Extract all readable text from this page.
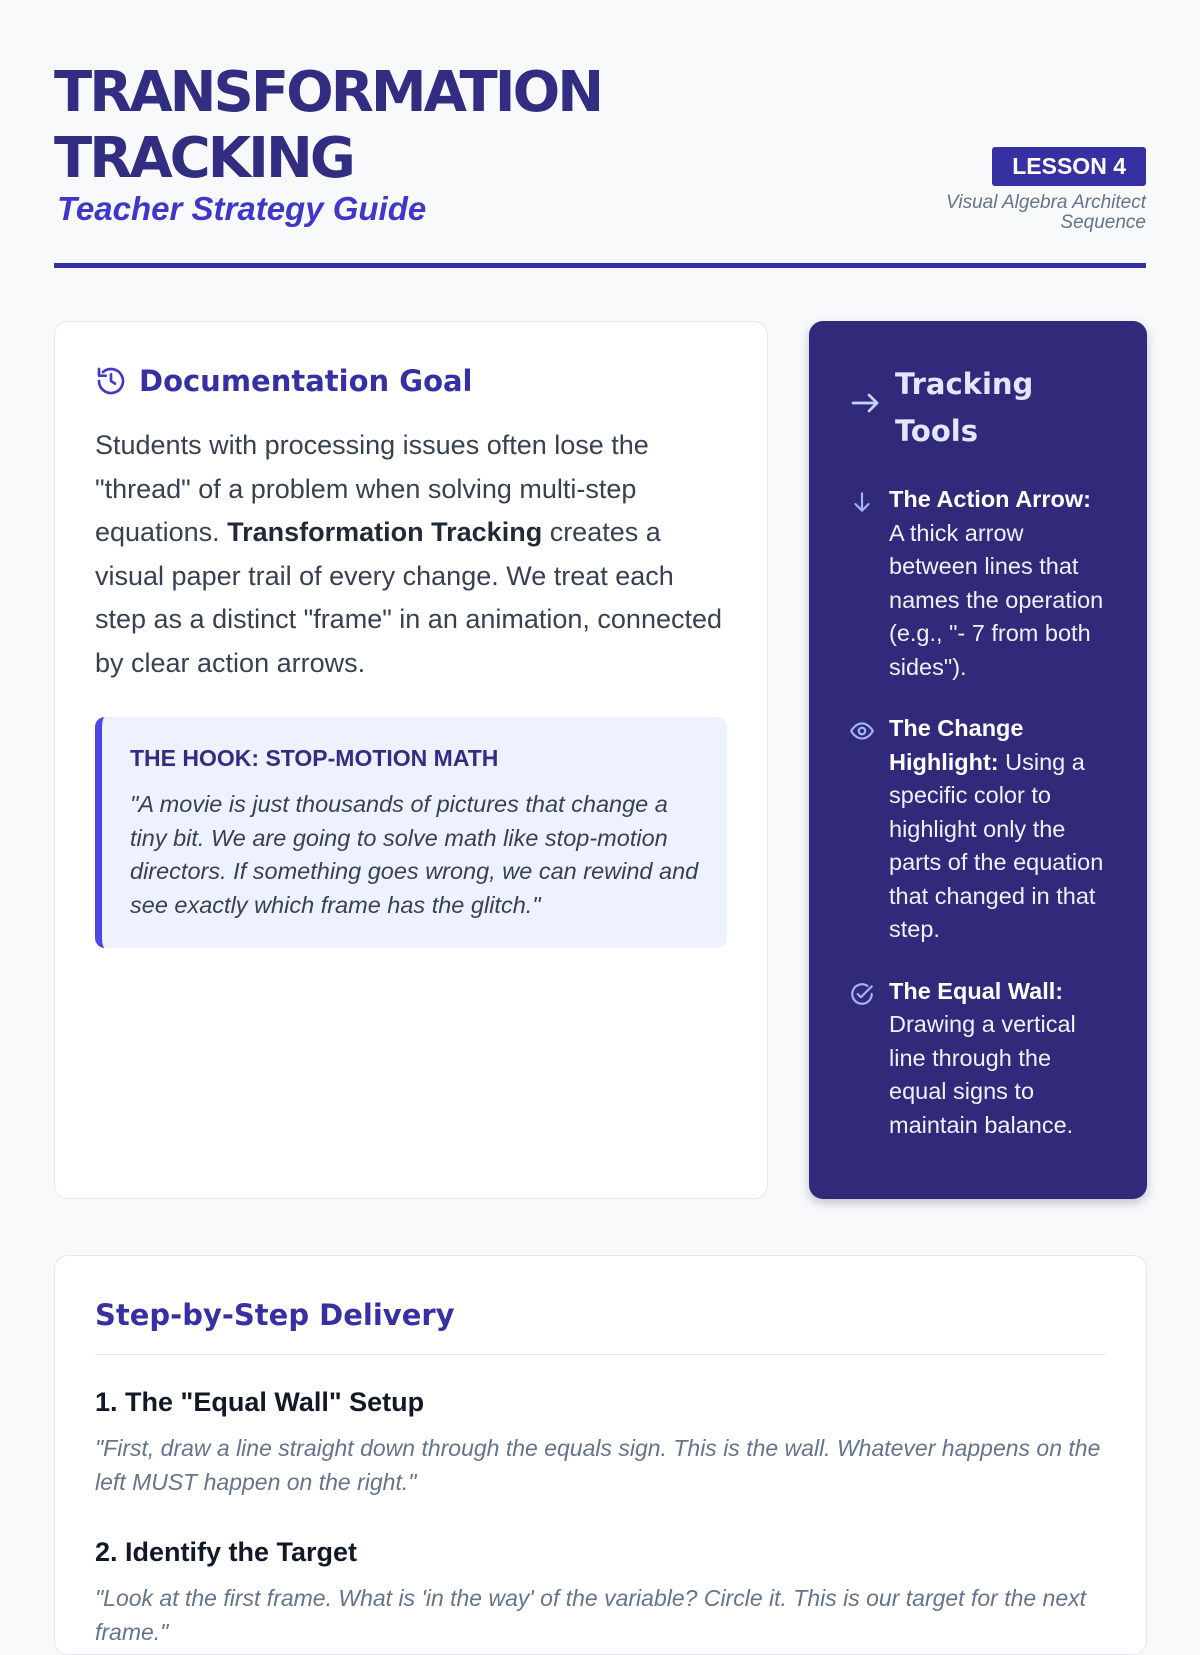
TRANSFORMATION TRACKING
Teacher Strategy Guide
LESSON 4
Visual Algebra Architect Sequence
Documentation Goal

Students with processing issues often lose the "thread" of a problem when solving multi-step equations. Transformation Tracking creates a visual paper trail of every change. We treat each step as a distinct "frame" in an animation, connected by clear action arrows.

THE HOOK: STOP-MOTION MATH

"A movie is just thousands of pictures that change a tiny bit. We are going to solve math like stop-motion directors. If something goes wrong, we can rewind and see exactly which frame has the glitch."

Tracking Tools

The Action Arrow: A thick arrow between lines that names the operation (e.g., "- 7 from both sides").

The Change Highlight: Using a specific color to highlight only the parts of the equation that changed in that step.

The Equal Wall: Drawing a vertical line through the equal signs to maintain balance.

Step-by-Step Delivery
1. The "Equal Wall" Setup

"First, draw a line straight down through the equals sign. This is the wall. Whatever happens on the left MUST happen on the right."

2. Identify the Target

"Look at the first frame. What is 'in the way' of the variable? Circle it. This is our target for the next frame."
